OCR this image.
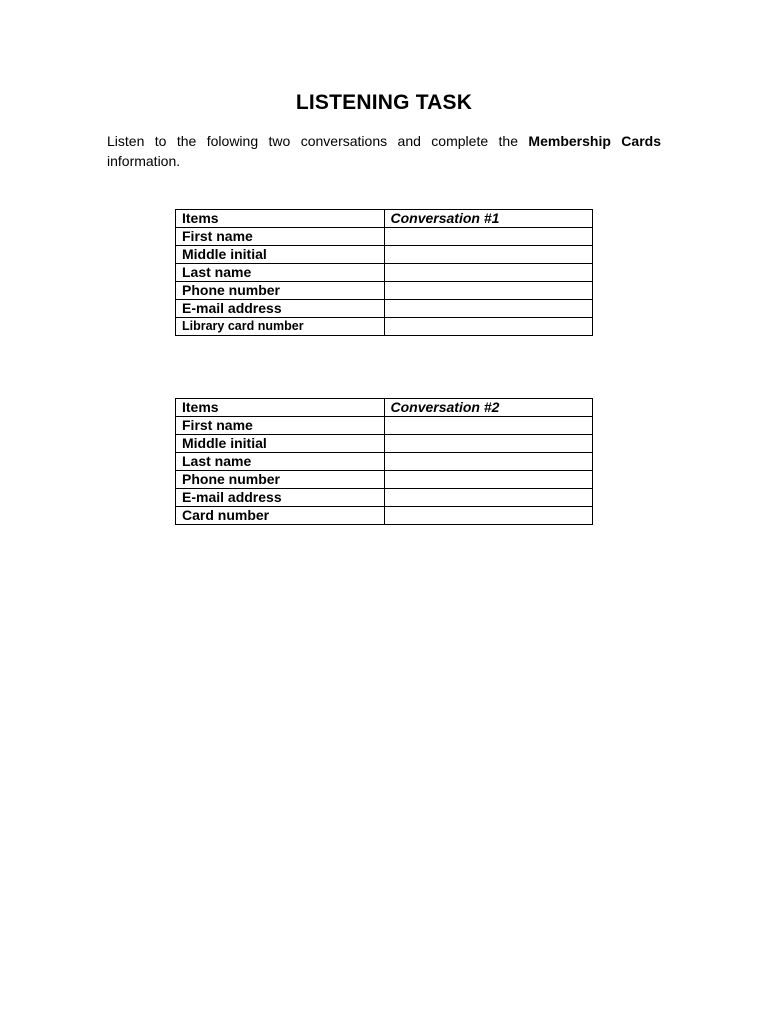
LISTENING TASK

Listen to the folowing two conversations and complete the Membership Cards information.

Items	Conversation #1
First name	
Middle initial	
Last name	
Phone number	
E-mail address	
Library card number	
Items	Conversation #2
First name	
Middle initial	
Last name	
Phone number	
E-mail address	
Card number	
